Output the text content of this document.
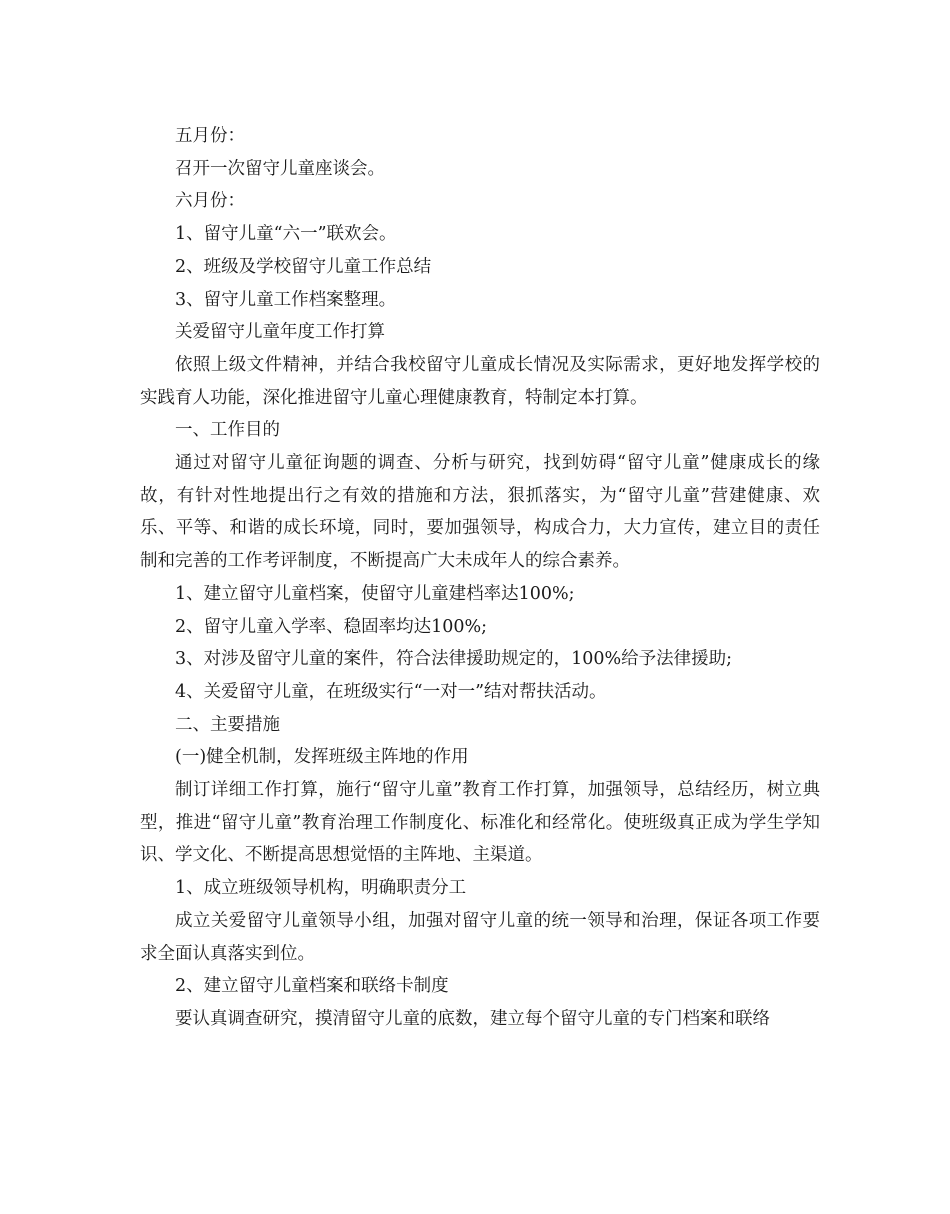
五月份：

召开一次留守儿童座谈会。

六月份：

1、留守儿童“六一”联欢会。

2、班级及学校留守儿童工作总结

3、留守儿童工作档案整理。

关爱留守儿童年度工作打算

依照上级文件精神，并结合我校留守儿童成长情况及实际需求，更好地发挥学校的实践育人功能，深化推进留守儿童心理健康教育，特制定本打算。

一、工作目的

通过对留守儿童征询题的调查、分析与研究，找到妨碍“留守儿童”健康成长的缘故，有针对性地提出行之有效的措施和方法，狠抓落实，为“留守儿童”营建健康、欢乐、平等、和谐的成长环境，同时，要加强领导，构成合力，大力宣传，建立目的责任制和完善的工作考评制度，不断提高广大未成年人的综合素养。

1、建立留守儿童档案，使留守儿童建档率达100%;

2、留守儿童入学率、稳固率均达100%;

3、对涉及留守儿童的案件，符合法律援助规定的，100%给予法律援助;

4、关爱留守儿童，在班级实行“一对一”结对帮扶活动。

二、主要措施

(一)健全机制，发挥班级主阵地的作用

制订详细工作打算，施行“留守儿童”教育工作打算，加强领导，总结经历，树立典型，推进“留守儿童”教育治理工作制度化、标准化和经常化。使班级真正成为学生学知识、学文化、不断提高思想觉悟的主阵地、主渠道。

1、成立班级领导机构，明确职责分工

成立关爱留守儿童领导小组，加强对留守儿童的统一领导和治理，保证各项工作要求全面认真落实到位。

2、建立留守儿童档案和联络卡制度

要认真调查研究，摸清留守儿童的底数，建立每个留守儿童的专门档案和联络
